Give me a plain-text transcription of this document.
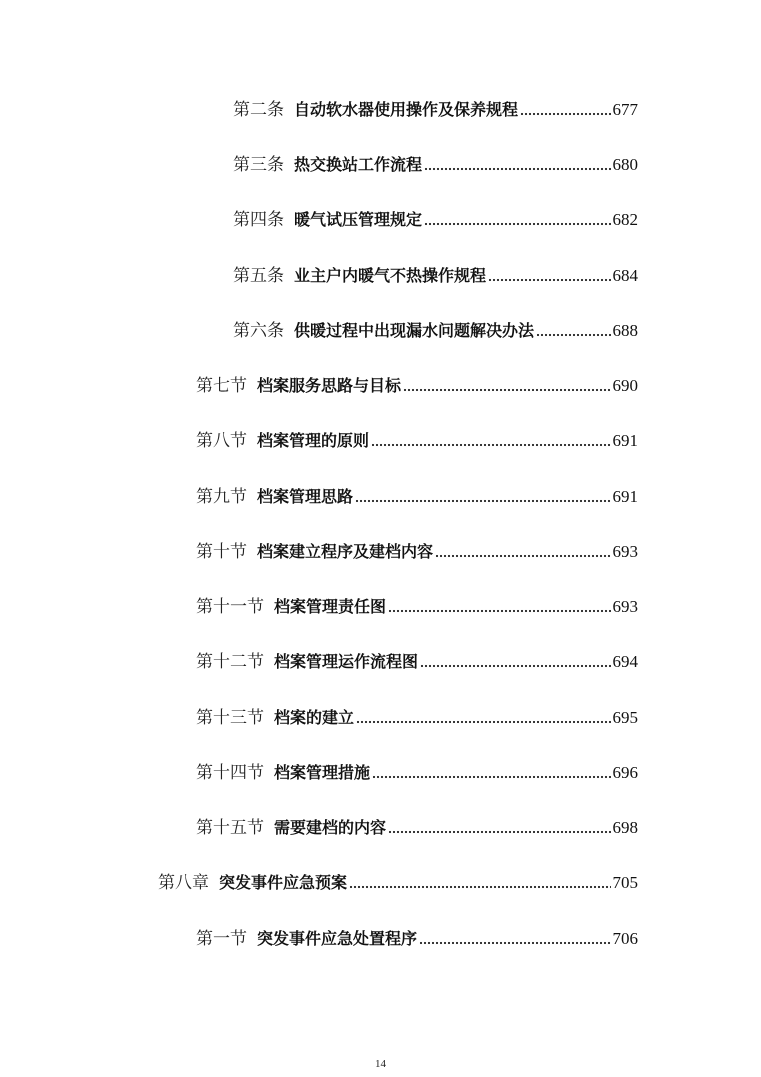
第二条 自动软水器使用操作及保养规程	677
第三条 热交换站工作流程	680
第四条 暖气试压管理规定	682
第五条 业主户内暖气不热操作规程	684
第六条 供暖过程中出现漏水问题解决办法	688
第七节 档案服务思路与目标	690
第八节 档案管理的原则	691
第九节 档案管理思路	691
第十节 档案建立程序及建档内容	693
第十一节 档案管理责任图	693
第十二节 档案管理运作流程图	694
第十三节 档案的建立	695
第十四节 档案管理措施	696
第十五节 需要建档的内容	698
第八章 突发事件应急预案	705
第一节 突发事件应急处置程序	706
14
